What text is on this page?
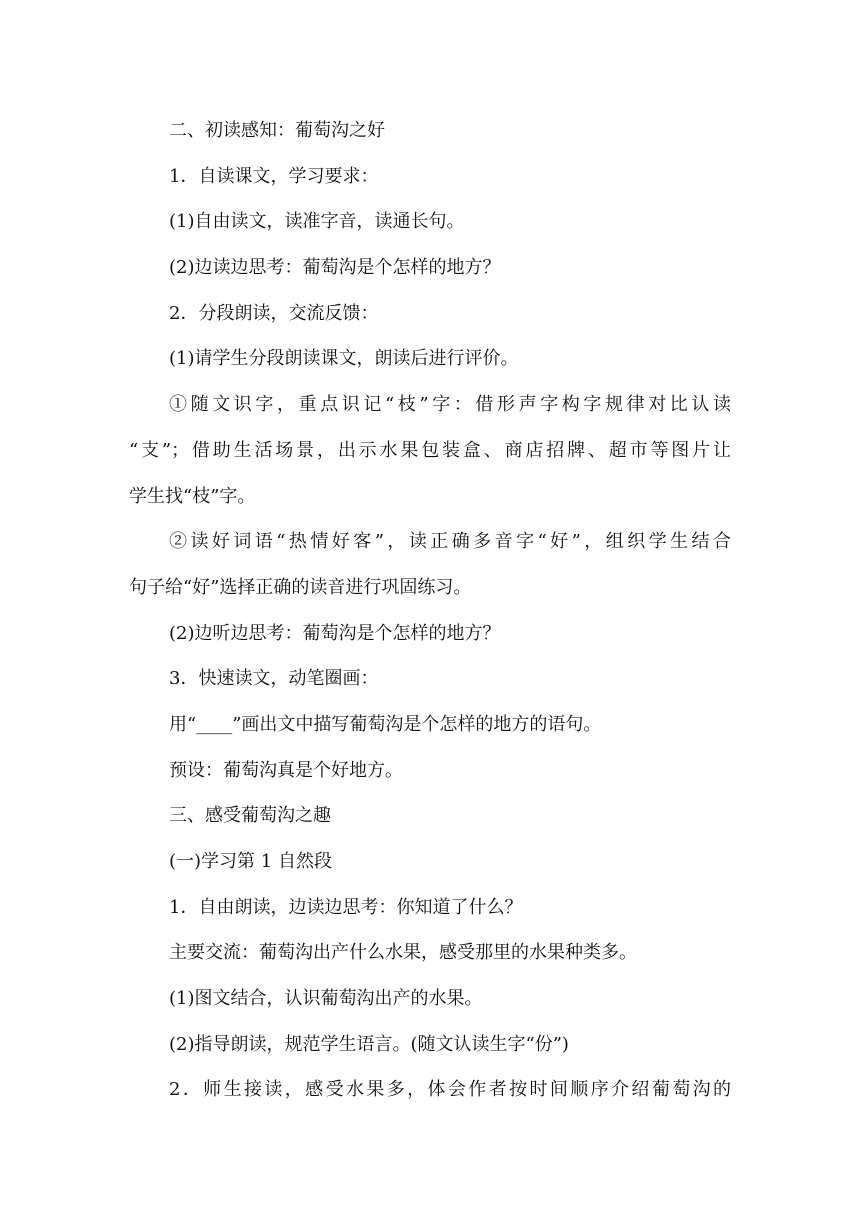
二、初读感知：葡萄沟之好
1．自读课文，学习要求：
(1)自由读文，读准字音，读通长句。
(2)边读边思考：葡萄沟是个怎样的地方？
2．分段朗读，交流反馈：
(1)请学生分段朗读课文，朗读后进行评价。
①随文识字，重点识记“枝”字：借形声字构字规律对比认读
“支”；借助生活场景，出示水果包装盒、商店招牌、超市等图片让
学生找“枝”字。
②读好词语“热情好客”，读正确多音字“好”，组织学生结合
句子给“好”选择正确的读音进行巩固练习。
(2)边听边思考：葡萄沟是个怎样的地方？
3．快速读文，动笔圈画：
用“____”画出文中描写葡萄沟是个怎样的地方的语句。
预设：葡萄沟真是个好地方。
三、感受葡萄沟之趣
(一)学习第 1 自然段
1．自由朗读，边读边思考：你知道了什么？
主要交流：葡萄沟出产什么水果，感受那里的水果种类多。
(1)图文结合，认识葡萄沟出产的水果。
(2)指导朗读，规范学生语言。(随文认读生字“份”)
2．师生接读，感受水果多，体会作者按时间顺序介绍葡萄沟的
